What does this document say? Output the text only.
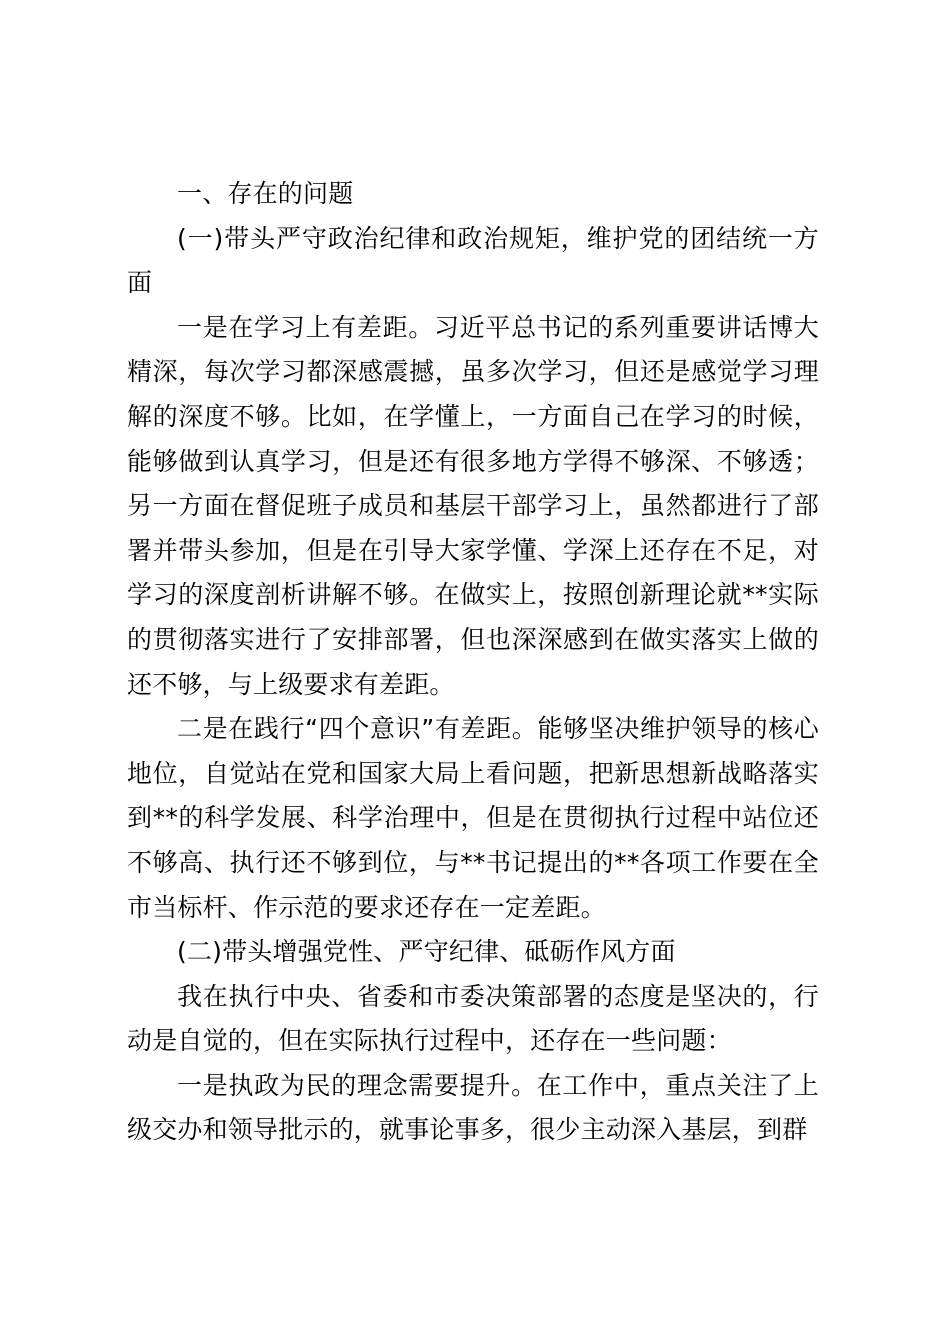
一、存在的问题

(一)带头严守政治纪律和政治规矩，维护党的团结统一方面

一是在学习上有差距。习近平总书记的系列重要讲话博大精深，每次学习都深感震撼，虽多次学习，但还是感觉学习理解的深度不够。比如，在学懂上，一方面自己在学习的时候，能够做到认真学习，但是还有很多地方学得不够深、不够透；另一方面在督促班子成员和基层干部学习上，虽然都进行了部署并带头参加，但是在引导大家学懂、学深上还存在不足，对学习的深度剖析讲解不够。在做实上，按照创新理论就**实际的贯彻落实进行了安排部署，但也深深感到在做实落实上做的还不够，与上级要求有差距。

二是在践行“四个意识”有差距。能够坚决维护领导的核心地位，自觉站在党和国家大局上看问题，把新思想新战略落实到**的科学发展、科学治理中，但是在贯彻执行过程中站位还不够高、执行还不够到位，与**书记提出的**各项工作要在全市当标杆、作示范的要求还存在一定差距。

(二)带头增强党性、严守纪律、砥砺作风方面

我在执行中央、省委和市委决策部署的态度是坚决的，行动是自觉的，但在实际执行过程中，还存在一些问题：

一是执政为民的理念需要提升。在工作中，重点关注了上级交办和领导批示的，就事论事多，很少主动深入基层，到群
